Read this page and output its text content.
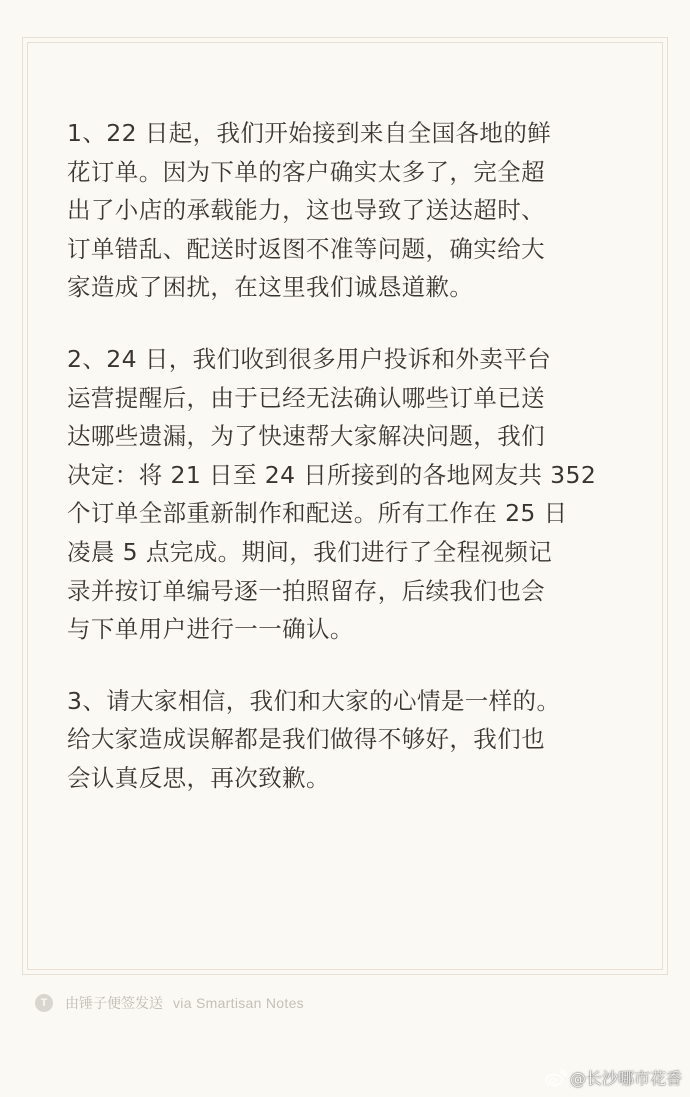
1、22 日起，我们开始接到来自全国各地的鲜
花订单。因为下单的客户确实太多了，完全超
出了小店的承载能力，这也导致了送达超时、
订单错乱、配送时返图不准等问题，确实给大
家造成了困扰，在这里我们诚恳道歉。

2、24 日，我们收到很多用户投诉和外卖平台
运营提醒后，由于已经无法确认哪些订单已送
达哪些遗漏，为了快速帮大家解决问题，我们
决定：将 21 日至 24 日所接到的各地网友共 352
个订单全部重新制作和配送。所有工作在 25 日
凌晨 5 点完成。期间，我们进行了全程视频记
录并按订单编号逐一拍照留存，后续我们也会
与下单用户进行一一确认。

3、请大家相信，我们和大家的心情是一样的。
给大家造成误解都是我们做得不够好，我们也
会认真反思，再次致歉。

T	由锤子便签发送 via Smartisan Notes
@长沙哪市花香
